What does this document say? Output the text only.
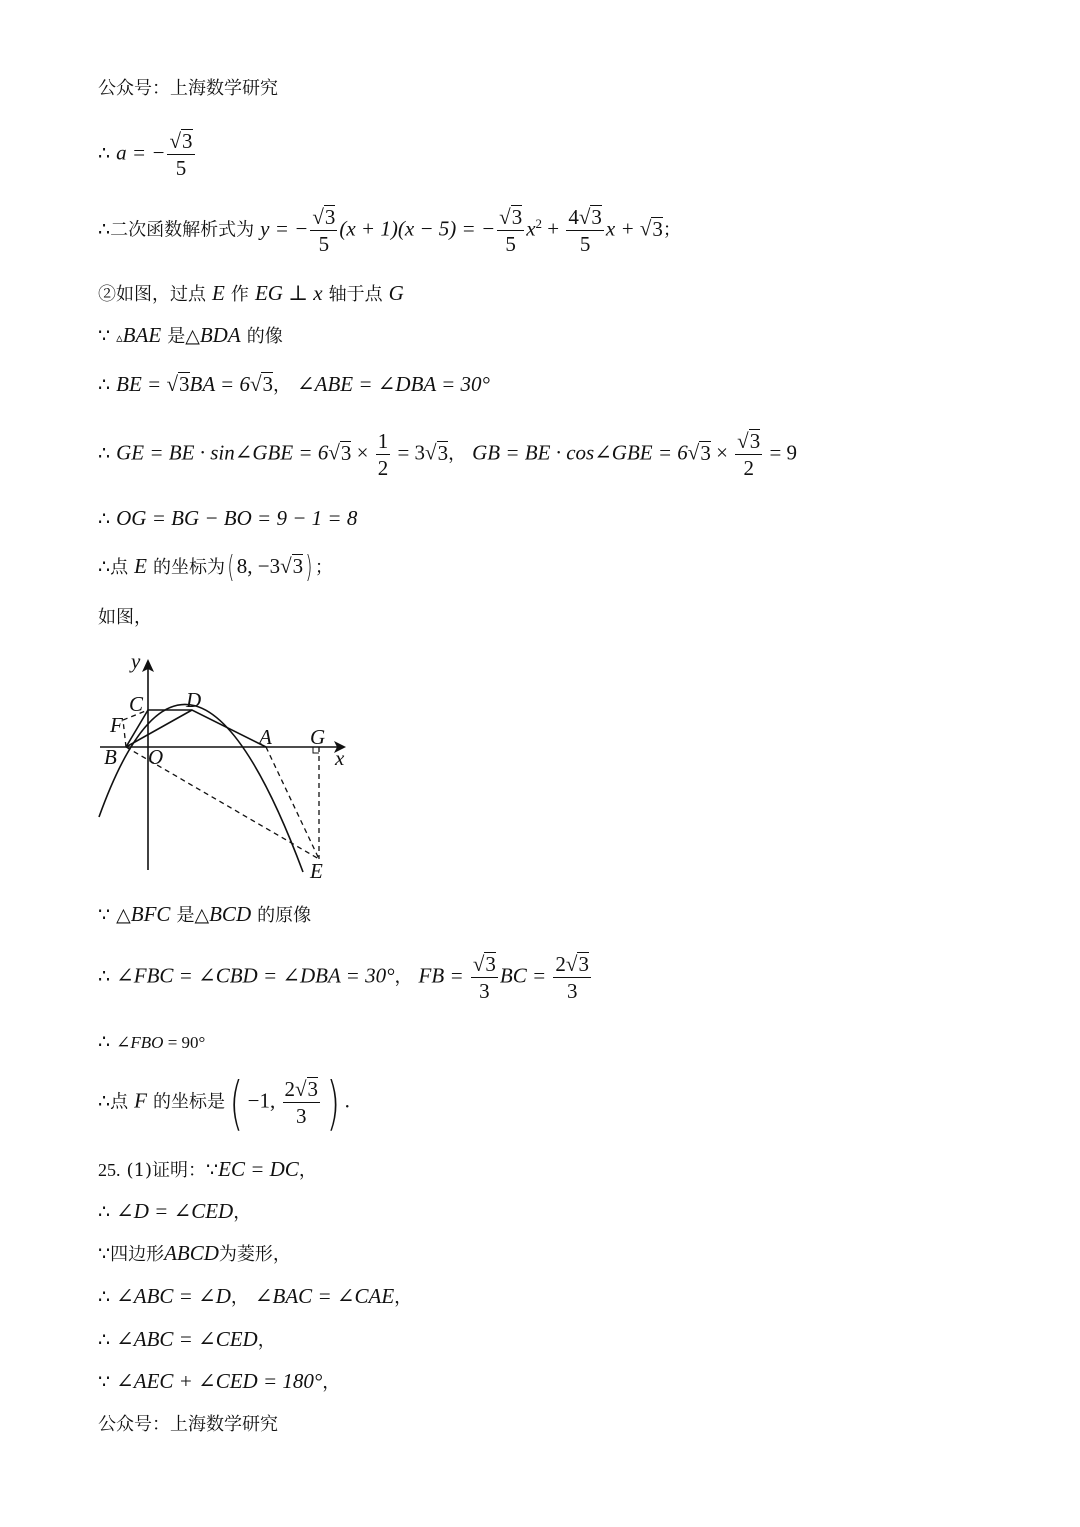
公众号：上海数学研究
∴ a = − $\frac{√3}{5}$
∴二次函数解析式为 y = − $\frac{√3}{5} (x + 1)(x - 5)$ = − $\frac{√3}{5} x^2 + \frac{4√3}{5}$ x + √3；
②如图，过点 E 作 EG ⊥ x 轴于点 G
∵ ▵BAE 是△BDA 的像
∴ BE = √3BA = 6√3， ∠ABE = ∠DBA = 30°
∴ GE = BE · sin∠GBE = $6√3 \times \frac{1}{2} = 3√3$， GB = BE · cos∠GBE = $6√3 \times \frac{√3}{2} = 9$
∴ OG = BG − BO = 9 − 1 = 8
∴点 E 的坐标为( 8, −3√3) ；
如图，
y
x
C D
F
B O
A G
E
∵ △BFC 是△BCD 的原像
∴ ∠FBC = ∠CBD = ∠DBA = 30°， FB = $\frac{√3}{3}$ BC = $\frac{2√3}{3}$
∴ ∠FBO = 90°
∴点 F 的坐标是( −1, $\frac{2√3}{3}$ ) .
25. (1)证明：∵EC = DC，
∴ ∠D = ∠CED，
∵四边形ABCD为菱形，
∴ ∠ABC = ∠D， ∠BAC = ∠CAE，
∴ ∠ABC = ∠CED，
∵ ∠AEC + ∠CED = 180°，
公众号：上海数学研究
